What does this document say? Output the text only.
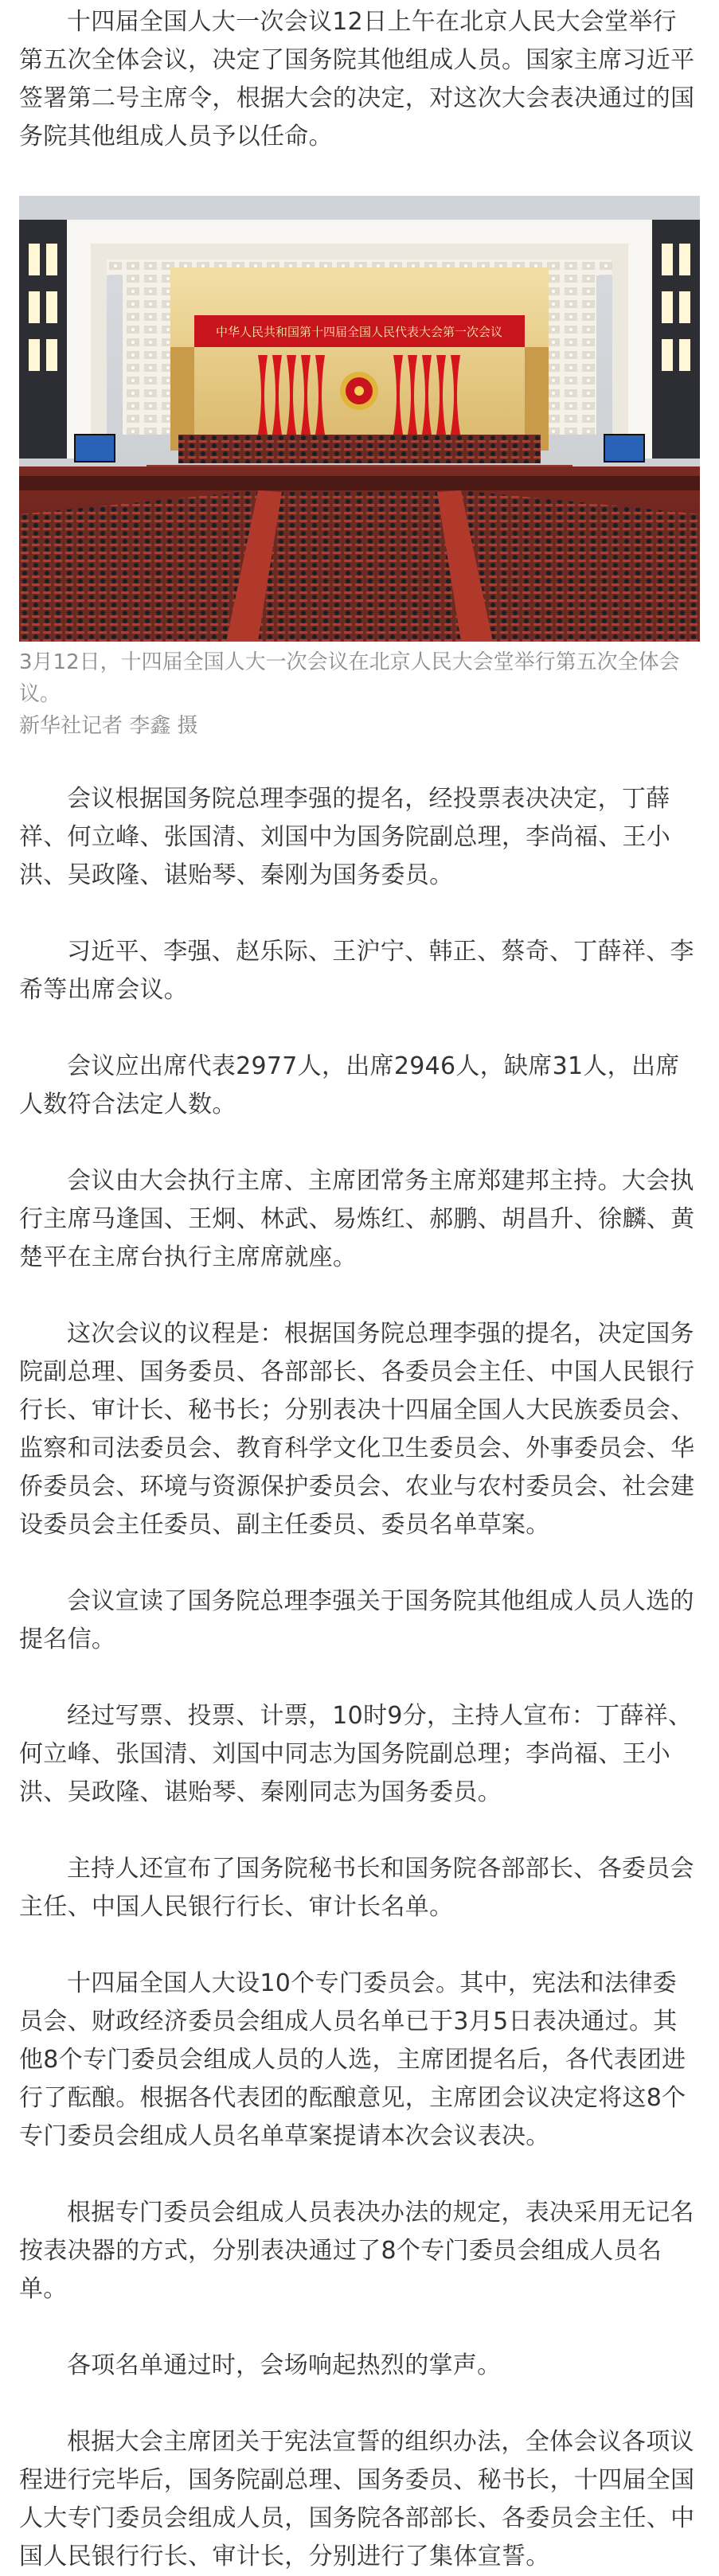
十四届全国人大一次会议12日上午在北京人民大会堂举行第五次全体会议，决定了国务院其他组成人员。国家主席习近平签署第二号主席令，根据大会的决定，对这次大会表决通过的国务院其他组成人员予以任命。

中华人民共和国第十四届全国人民代表大会第一次会议
3月12日，十四届全国人大一次会议在北京人民大会堂举行第五次全体会议。
新华社记者 李鑫 摄

会议根据国务院总理李强的提名，经投票表决决定，丁薛祥、何立峰、张国清、刘国中为国务院副总理，李尚福、王小洪、吴政隆、谌贻琴、秦刚为国务委员。

习近平、李强、赵乐际、王沪宁、韩正、蔡奇、丁薛祥、李希等出席会议。

会议应出席代表2977人，出席2946人，缺席31人，出席人数符合法定人数。

会议由大会执行主席、主席团常务主席郑建邦主持。大会执行主席马逢国、王炯、林武、易炼红、郝鹏、胡昌升、徐麟、黄楚平在主席台执行主席席就座。

这次会议的议程是：根据国务院总理李强的提名，决定国务院副总理、国务委员、各部部长、各委员会主任、中国人民银行行长、审计长、秘书长；分别表决十四届全国人大民族委员会、监察和司法委员会、教育科学文化卫生委员会、外事委员会、华侨委员会、环境与资源保护委员会、农业与农村委员会、社会建设委员会主任委员、副主任委员、委员名单草案。

会议宣读了国务院总理李强关于国务院其他组成人员人选的提名信。

经过写票、投票、计票，10时9分，主持人宣布：丁薛祥、何立峰、张国清、刘国中同志为国务院副总理；李尚福、王小洪、吴政隆、谌贻琴、秦刚同志为国务委员。

主持人还宣布了国务院秘书长和国务院各部部长、各委员会主任、中国人民银行行长、审计长名单。

十四届全国人大设10个专门委员会。其中，宪法和法律委员会、财政经济委员会组成人员名单已于3月5日表决通过。其他8个专门委员会组成人员的人选，主席团提名后，各代表团进行了酝酿。根据各代表团的酝酿意见，主席团会议决定将这8个专门委员会组成人员名单草案提请本次会议表决。

根据专门委员会组成人员表决办法的规定，表决采用无记名按表决器的方式，分别表决通过了8个专门委员会组成人员名单。

各项名单通过时，会场响起热烈的掌声。

根据大会主席团关于宪法宣誓的组织办法，全体会议各项议程进行完毕后，国务院副总理、国务委员、秘书长，十四届全国人大专门委员会组成人员，国务院各部部长、各委员会主任、中国人民银行行长、审计长，分别进行了集体宣誓。
